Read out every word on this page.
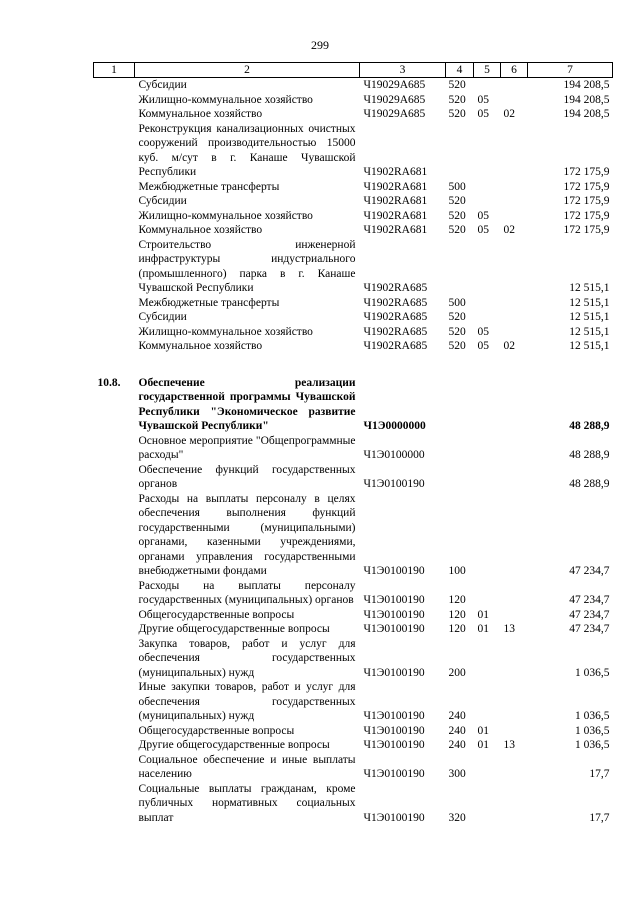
299
1	2	3	4	5	6	7
	Субсидии	Ч19029А685	520			194 208,5
	Жилищно-коммунальное хозяйство	Ч19029А685	520	05		194 208,5
	Коммунальное хозяйство	Ч19029А685	520	05	02	194 208,5
	Реконструкция канализационных очистных сооружений производительностью 15000 куб. м/сут в г. Канаше Чувашской Республики	Ч1902RA681				172 175,9
	Межбюджетные трансферты	Ч1902RA681	500			172 175,9
	Субсидии	Ч1902RA681	520			172 175,9
	Жилищно-коммунальное хозяйство	Ч1902RA681	520	05		172 175,9
	Коммунальное хозяйство	Ч1902RA681	520	05	02	172 175,9
	Строительство инженерной инфраструктуры индустриального (промышленного) парка в г. Канаше Чувашской Республики	Ч1902RA685				12 515,1
	Межбюджетные трансферты	Ч1902RA685	500			12 515,1
	Субсидии	Ч1902RA685	520			12 515,1
	Жилищно-коммунальное хозяйство	Ч1902RA685	520	05		12 515,1
	Коммунальное хозяйство	Ч1902RA685	520	05	02	12 515,1

10.8.	Обеспечение реализации государственной программы Чувашской Республики "Экономическое развитие Чувашской Республики"	Ч1Э0000000				48 288,9
	Основное мероприятие "Общепрограммные расходы"	Ч1Э0100000				48 288,9
	Обеспечение функций государственных органов	Ч1Э0100190				48 288,9
	Расходы на выплаты персоналу в целях обеспечения выполнения функций государственными (муниципальными) органами, казенными учреждениями, органами управления государственными внебюджетными фондами	Ч1Э0100190	100			47 234,7
	Расходы на выплаты персоналу государственных (муниципальных) органов	Ч1Э0100190	120			47 234,7
	Общегосударственные вопросы	Ч1Э0100190	120	01		47 234,7
	Другие общегосударственные вопросы	Ч1Э0100190	120	01	13	47 234,7
	Закупка товаров, работ и услуг для обеспечения государственных (муниципальных) нужд	Ч1Э0100190	200			1 036,5
	Иные закупки товаров, работ и услуг для обеспечения государственных (муниципальных) нужд	Ч1Э0100190	240			1 036,5
	Общегосударственные вопросы	Ч1Э0100190	240	01		1 036,5
	Другие общегосударственные вопросы	Ч1Э0100190	240	01	13	1 036,5
	Социальное обеспечение и иные выплаты населению	Ч1Э0100190	300			17,7
	Социальные выплаты гражданам, кроме публичных нормативных социальных выплат	Ч1Э0100190	320			17,7
